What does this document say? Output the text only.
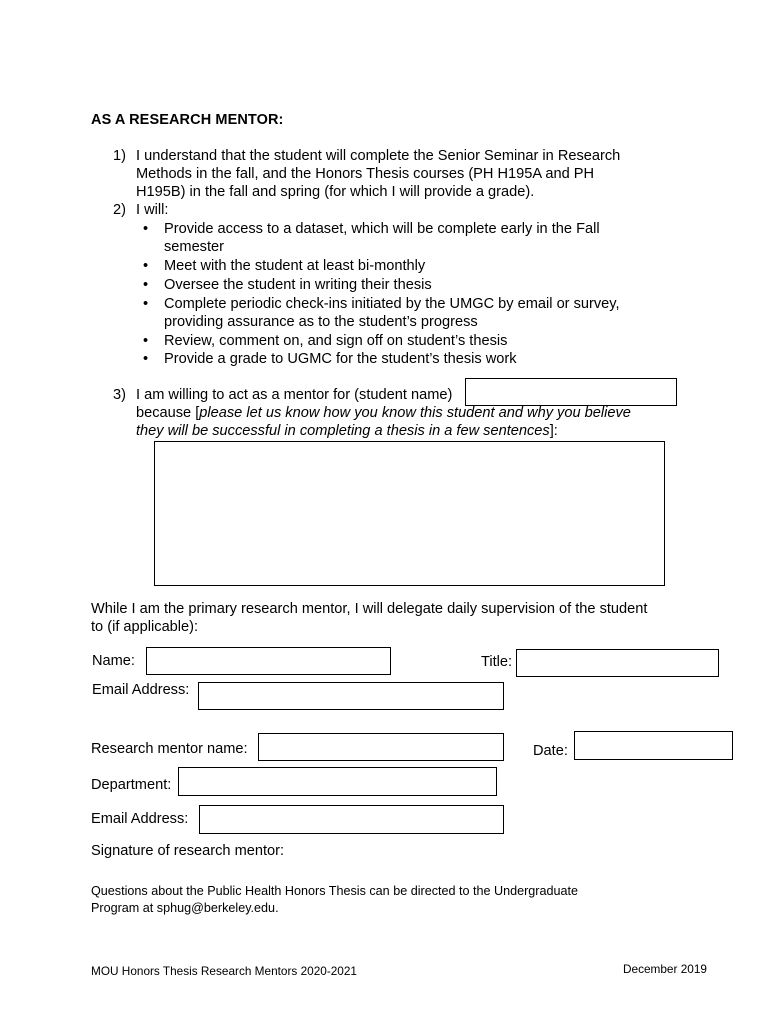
AS A RESEARCH MENTOR:
1) I understand that the student will complete the Senior Seminar in Research
Methods in the fall, and the Honors Thesis courses (PH H195A and PH
H195B) in the fall and spring (for which I will provide a grade).
2) I will:
•	Provide access to a dataset, which will be complete early in the Fall
semester
•	Meet with the student at least bi-monthly
•	Oversee the student in writing their thesis
•	Complete periodic check-ins initiated by the UMGC by email or survey,
providing assurance as to the student’s progress
•	Review, comment on, and sign off on student’s thesis
•	Provide a grade to UGMC for the student’s thesis work
3) I am willing to act as a mentor for (student name)
because [please let us know how you know this student and why you believe
they will be successful in completing a thesis in a few sentences]:
While I am the primary research mentor, I will delegate daily supervision of the student
to (if applicable):
Name:	Title:
Email Address:
Research mentor name:	Date:
Department:
Email Address:
Signature of research mentor:
Questions about the Public Health Honors Thesis can be directed to the Undergraduate
Program at sphug@berkeley.edu.
MOU Honors Thesis Research Mentors 2020-2021	December 2019
